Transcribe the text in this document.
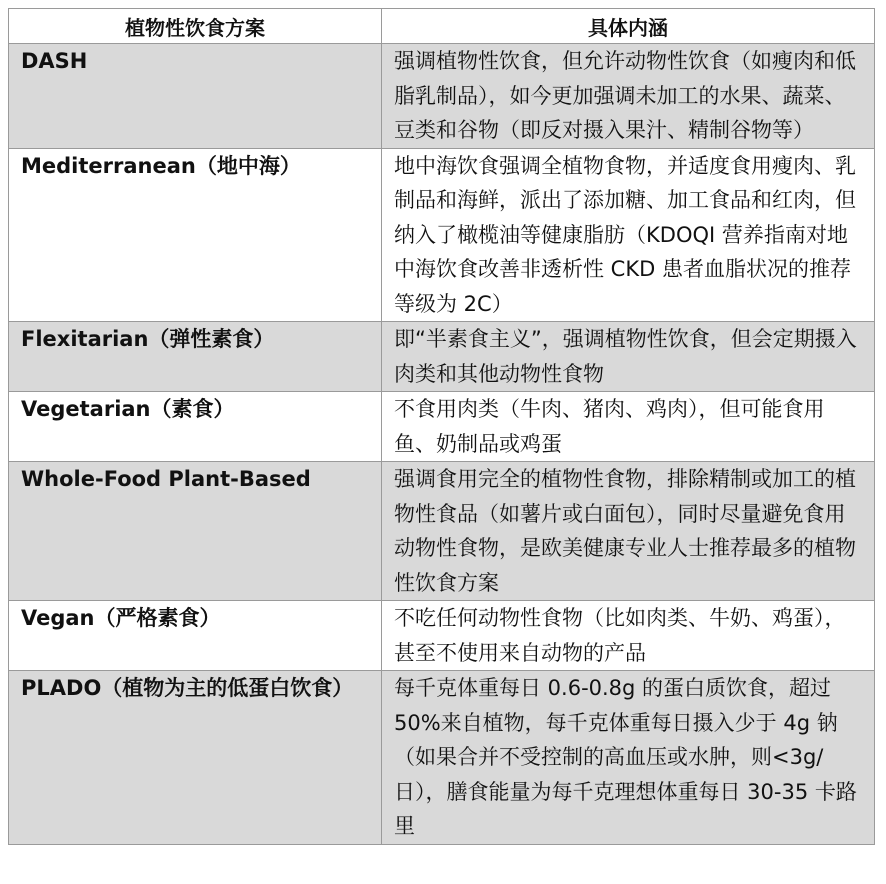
植物性饮食方案	具体内涵
DASH	强调植物性饮食，但允许动物性饮食（如瘦肉和低脂乳制品），如今更加强调未加工的水果、蔬菜、豆类和谷物（即反对摄入果汁、精制谷物等）
Mediterranean（地中海）	地中海饮食强调全植物食物，并适度食用瘦肉、乳制品和海鲜，派出了添加糖、加工食品和红肉，但纳入了橄榄油等健康脂肪（KDOQI 营养指南对地中海饮食改善非透析性 CKD 患者血脂状况的推荐等级为 2C）
Flexitarian（弹性素食）	即“半素食主义”，强调植物性饮食，但会定期摄入肉类和其他动物性食物
Vegetarian（素食）	不食用肉类（牛肉、猪肉、鸡肉），但可能食用鱼、奶制品或鸡蛋
Whole-Food Plant-Based	强调食用完全的植物性食物，排除精制或加工的植物性食品（如薯片或白面包），同时尽量避免食用动物性食物，是欧美健康专业人士推荐最多的植物性饮食方案
Vegan（严格素食）	不吃任何动物性食物（比如肉类、牛奶、鸡蛋），甚至不使用来自动物的产品
PLADO（植物为主的低蛋白饮食）	每千克体重每日 0.6-0.8g 的蛋白质饮食，超过 50%来自植物，每千克体重每日摄入少于 4g 钠（如果合并不受控制的高血压或水肿，则<3g/日），膳食能量为每千克理想体重每日 30-35 卡路里
